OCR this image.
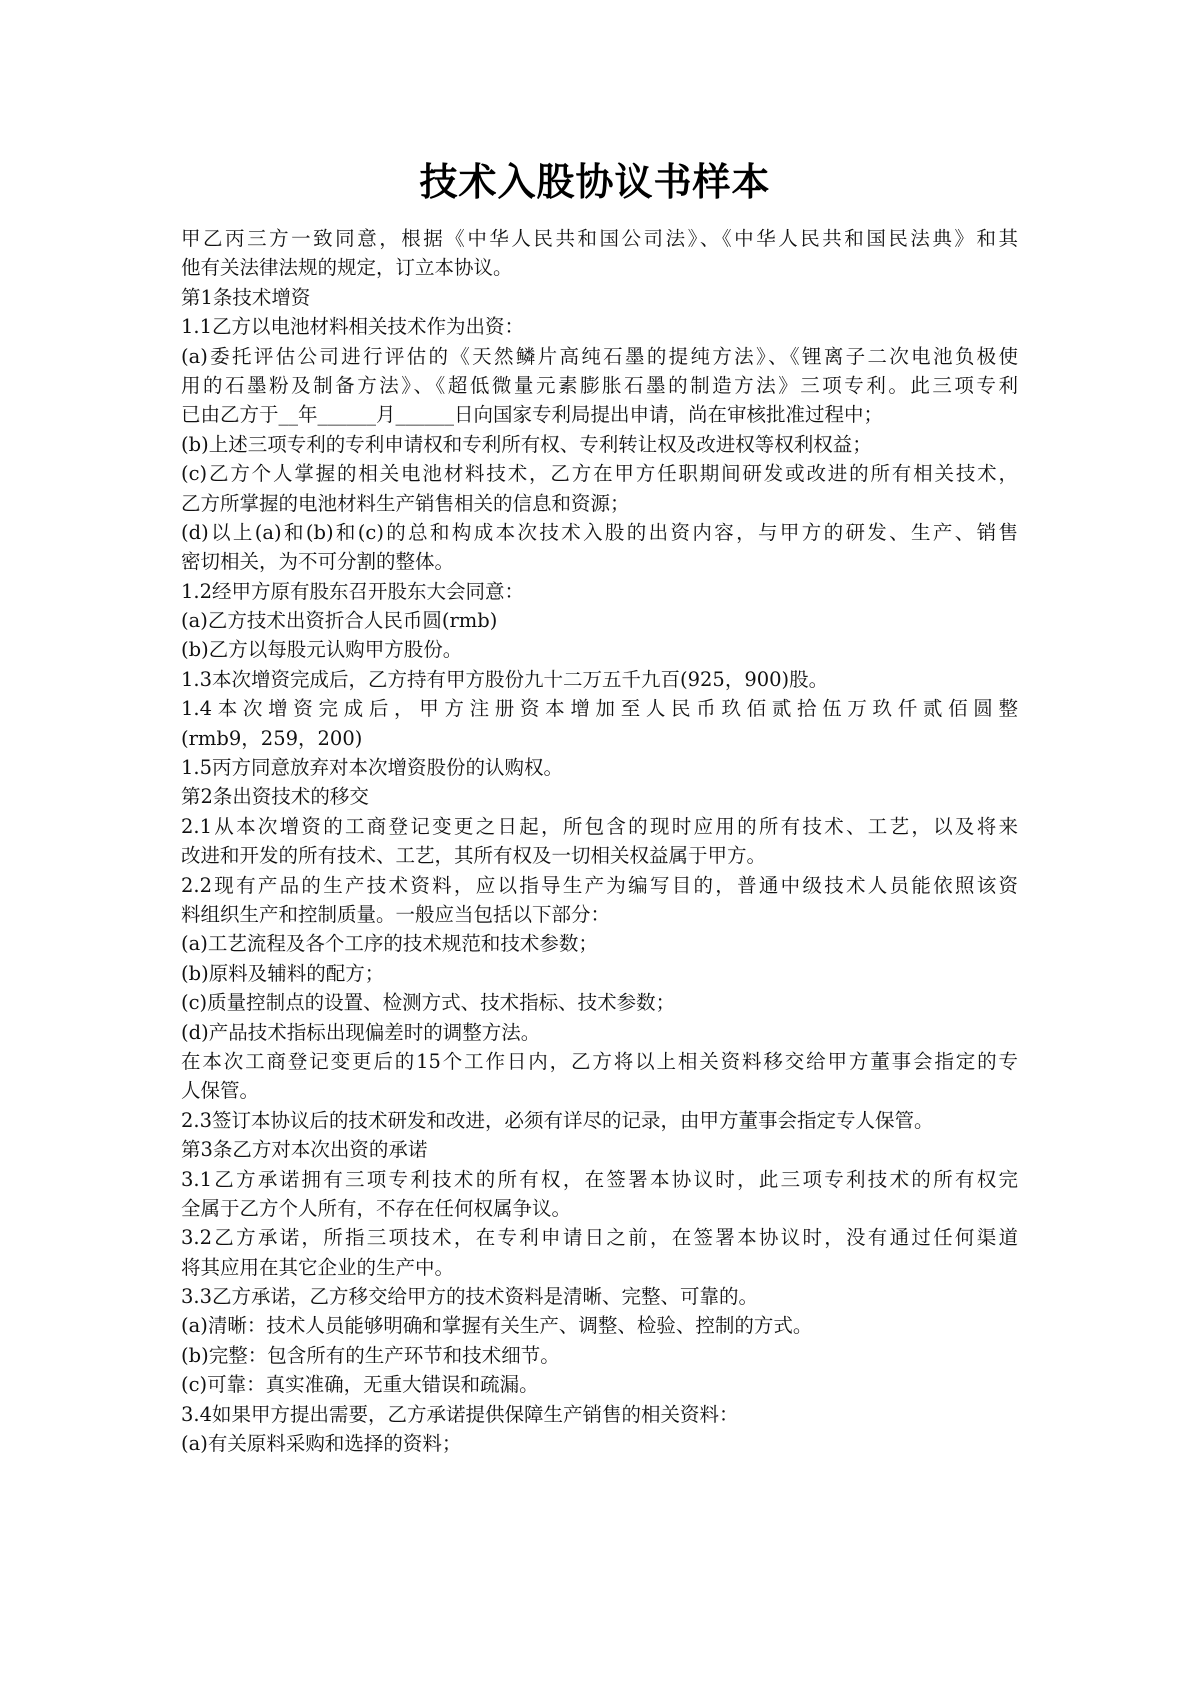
技术入股协议书样本
甲乙丙三方一致同意，根据《中华人民共和国公司法》、《中华人民共和国民法典》和其
他有关法律法规的规定，订立本协议。
第1条技术增资
1.1乙方以电池材料相关技术作为出资：
(a)委托评估公司进行评估的《天然鳞片高纯石墨的提纯方法》、《锂离子二次电池负极使
用的石墨粉及制备方法》、《超低微量元素膨胀石墨的制造方法》三项专利。此三项专利
已由乙方于__年______月______日向国家专利局提出申请，尚在审核批准过程中；
(b)上述三项专利的专利申请权和专利所有权、专利转让权及改进权等权利权益；
(c)乙方个人掌握的相关电池材料技术，乙方在甲方任职期间研发或改进的所有相关技术，
乙方所掌握的电池材料生产销售相关的信息和资源；
(d)以上(a)和(b)和(c)的总和构成本次技术入股的出资内容，与甲方的研发、生产、销售
密切相关，为不可分割的整体。
1.2经甲方原有股东召开股东大会同意：
(a)乙方技术出资折合人民币圆(rmb)
(b)乙方以每股元认购甲方股份。
1.3本次增资完成后，乙方持有甲方股份九十二万五千九百(925，900)股。
1.4本次增资完成后，甲方注册资本增加至人民币玖佰贰拾伍万玖仟贰佰圆整
(rmb9，259，200)
1.5丙方同意放弃对本次增资股份的认购权。
第2条出资技术的移交
2.1从本次增资的工商登记变更之日起，所包含的现时应用的所有技术、工艺，以及将来
改进和开发的所有技术、工艺，其所有权及一切相关权益属于甲方。
2.2现有产品的生产技术资料，应以指导生产为编写目的，普通中级技术人员能依照该资
料组织生产和控制质量。一般应当包括以下部分：
(a)工艺流程及各个工序的技术规范和技术参数；
(b)原料及辅料的配方；
(c)质量控制点的设置、检测方式、技术指标、技术参数；
(d)产品技术指标出现偏差时的调整方法。
在本次工商登记变更后的15个工作日内，乙方将以上相关资料移交给甲方董事会指定的专
人保管。
2.3签订本协议后的技术研发和改进，必须有详尽的记录，由甲方董事会指定专人保管。
第3条乙方对本次出资的承诺
3.1乙方承诺拥有三项专利技术的所有权，在签署本协议时，此三项专利技术的所有权完
全属于乙方个人所有，不存在任何权属争议。
3.2乙方承诺，所指三项技术，在专利申请日之前，在签署本协议时，没有通过任何渠道
将其应用在其它企业的生产中。
3.3乙方承诺，乙方移交给甲方的技术资料是清晰、完整、可靠的。
(a)清晰：技术人员能够明确和掌握有关生产、调整、检验、控制的方式。
(b)完整：包含所有的生产环节和技术细节。
(c)可靠：真实准确，无重大错误和疏漏。
3.4如果甲方提出需要，乙方承诺提供保障生产销售的相关资料：
(a)有关原料采购和选择的资料；
